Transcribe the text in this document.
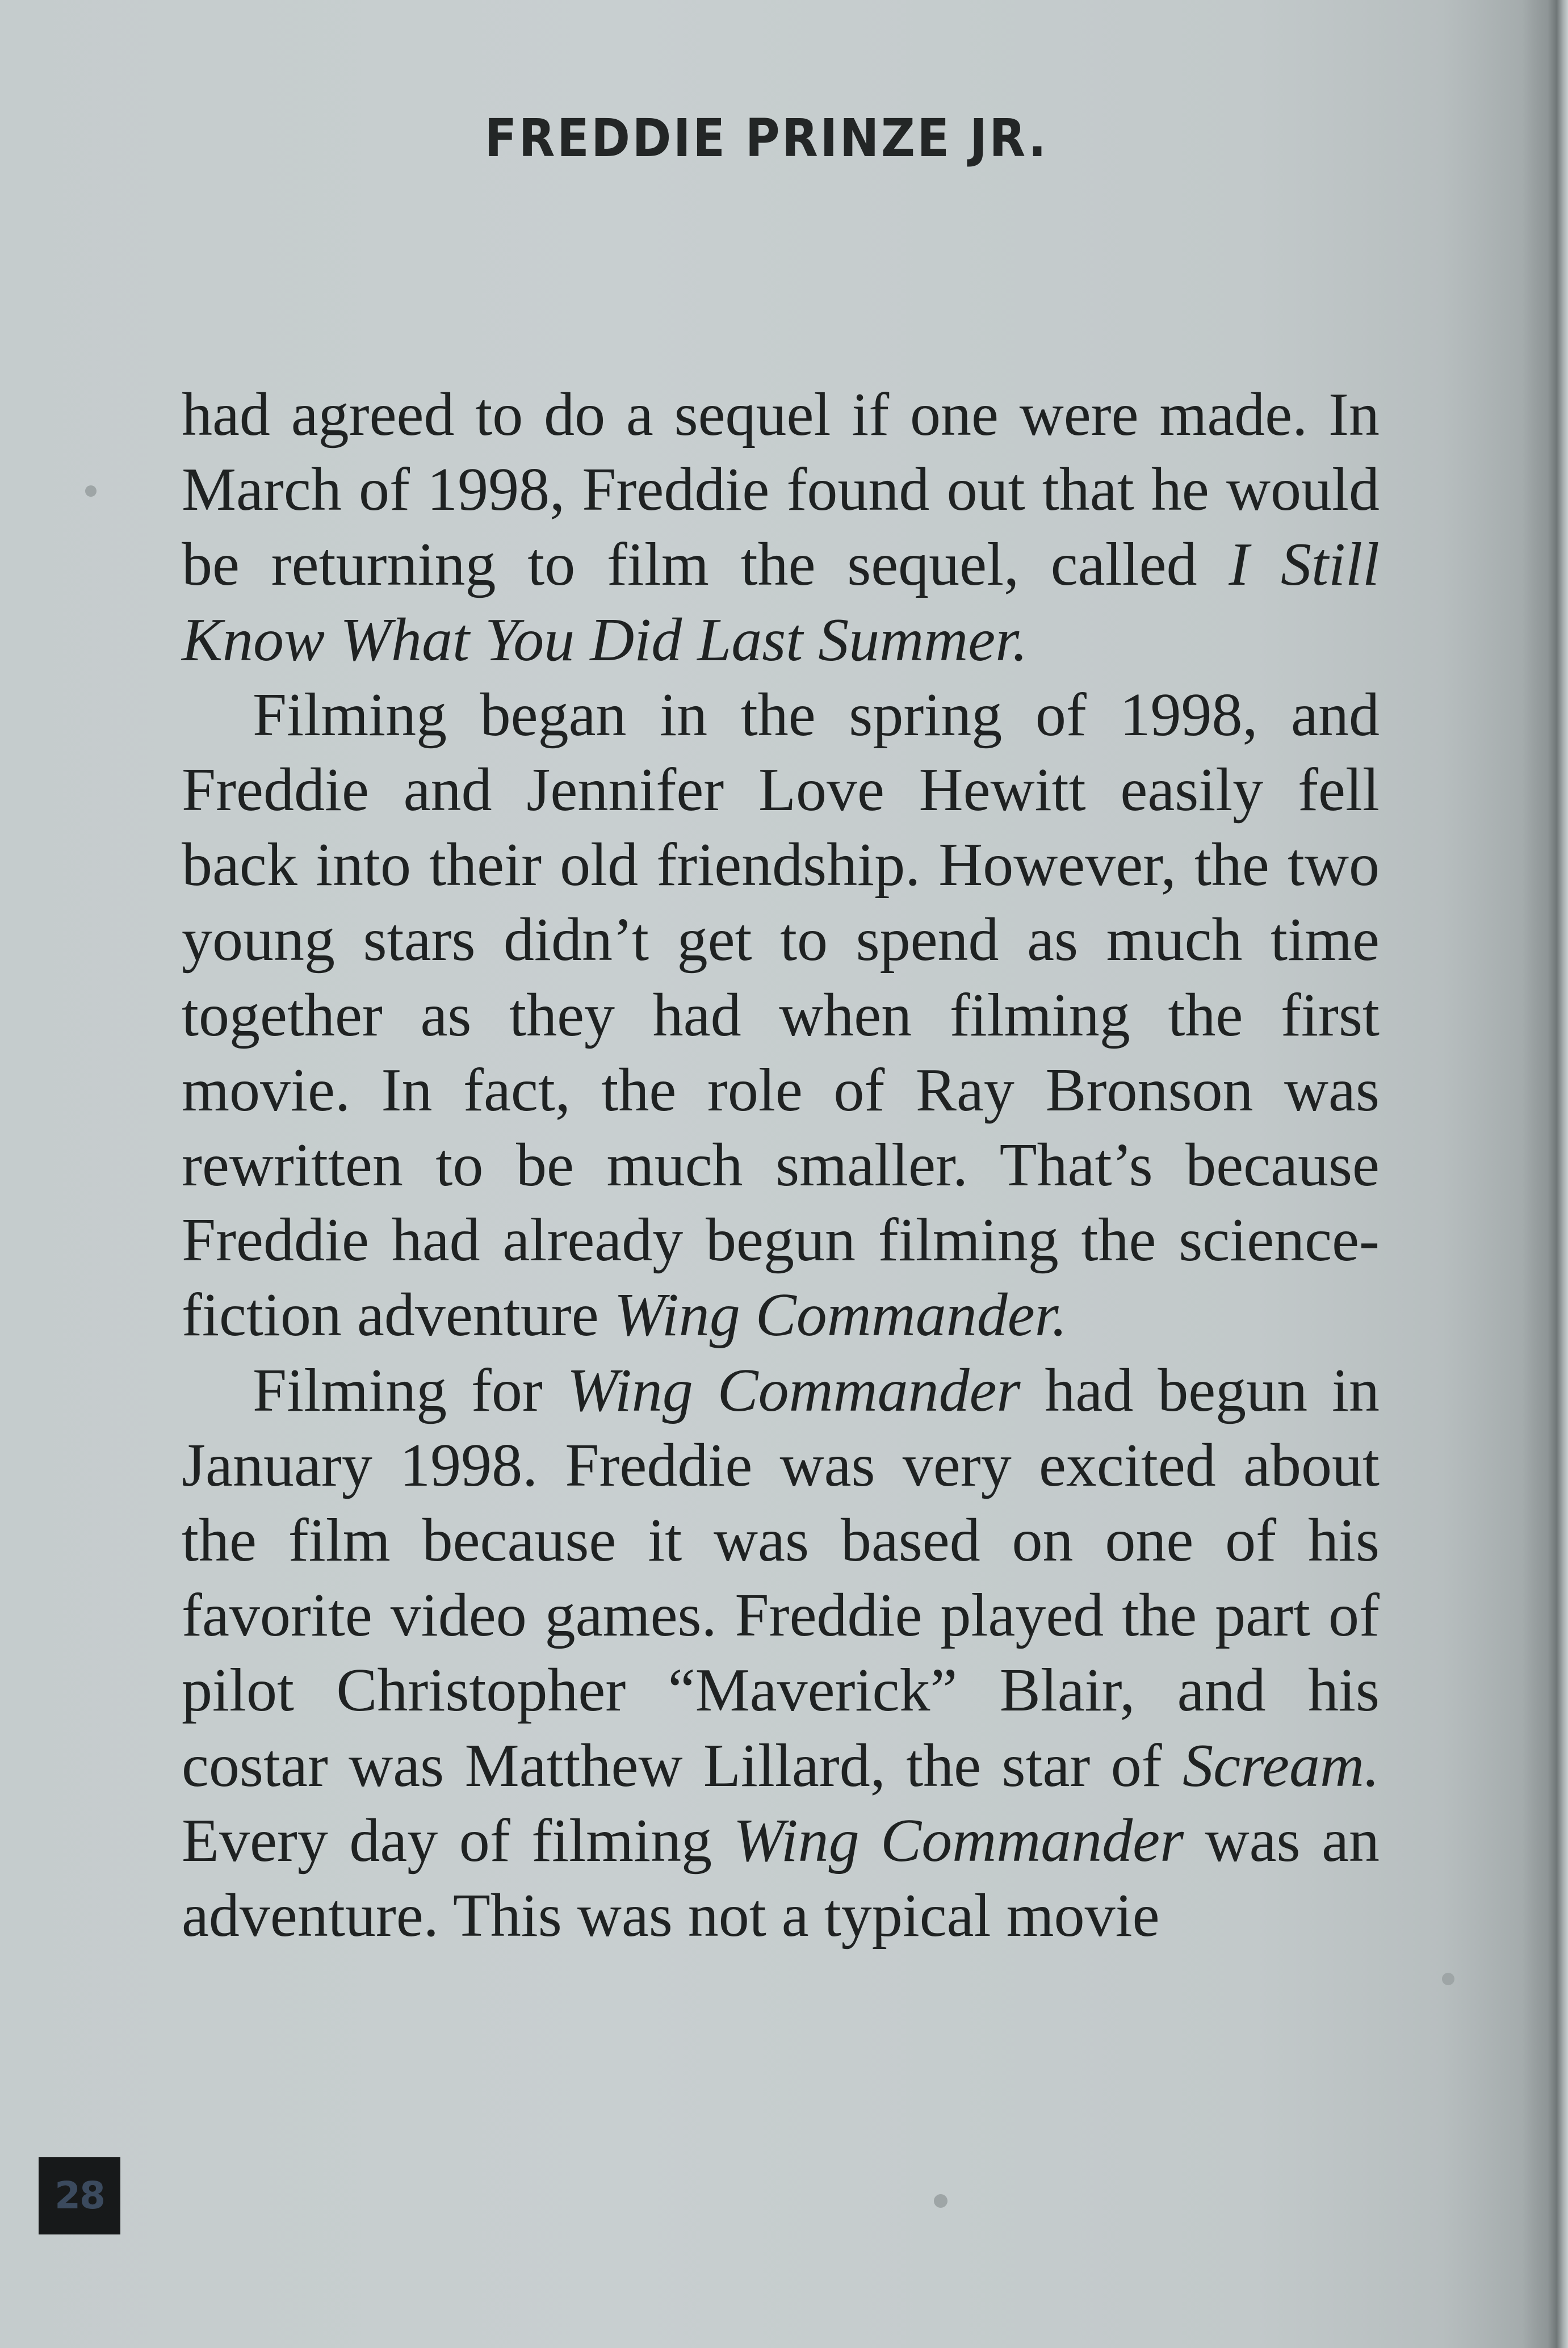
FREDDIE PRINZE JR.

had agreed to do a sequel if one were made. In March of 1998, Freddie found out that he would be returning to film the sequel, called I Still Know What You Did Last Summer.

Filming began in the spring of 1998, and Freddie and Jennifer Love Hewitt easily fell back into their old friendship. However, the two young stars didn’t get to spend as much time together as they had when filming the first movie. In fact, the role of Ray Bronson was rewritten to be much smaller. That’s because Freddie had already begun filming the science-fiction adventure Wing Commander.

Filming for Wing Commander had begun in January 1998. Freddie was very excited about the film because it was based on one of his favorite video games. Freddie played the part of pilot Christopher “Maverick” Blair, and his costar was Matthew Lillard, the star of Scream. Every day of filming Wing Commander was an adventure. This was not a typical movie

28
